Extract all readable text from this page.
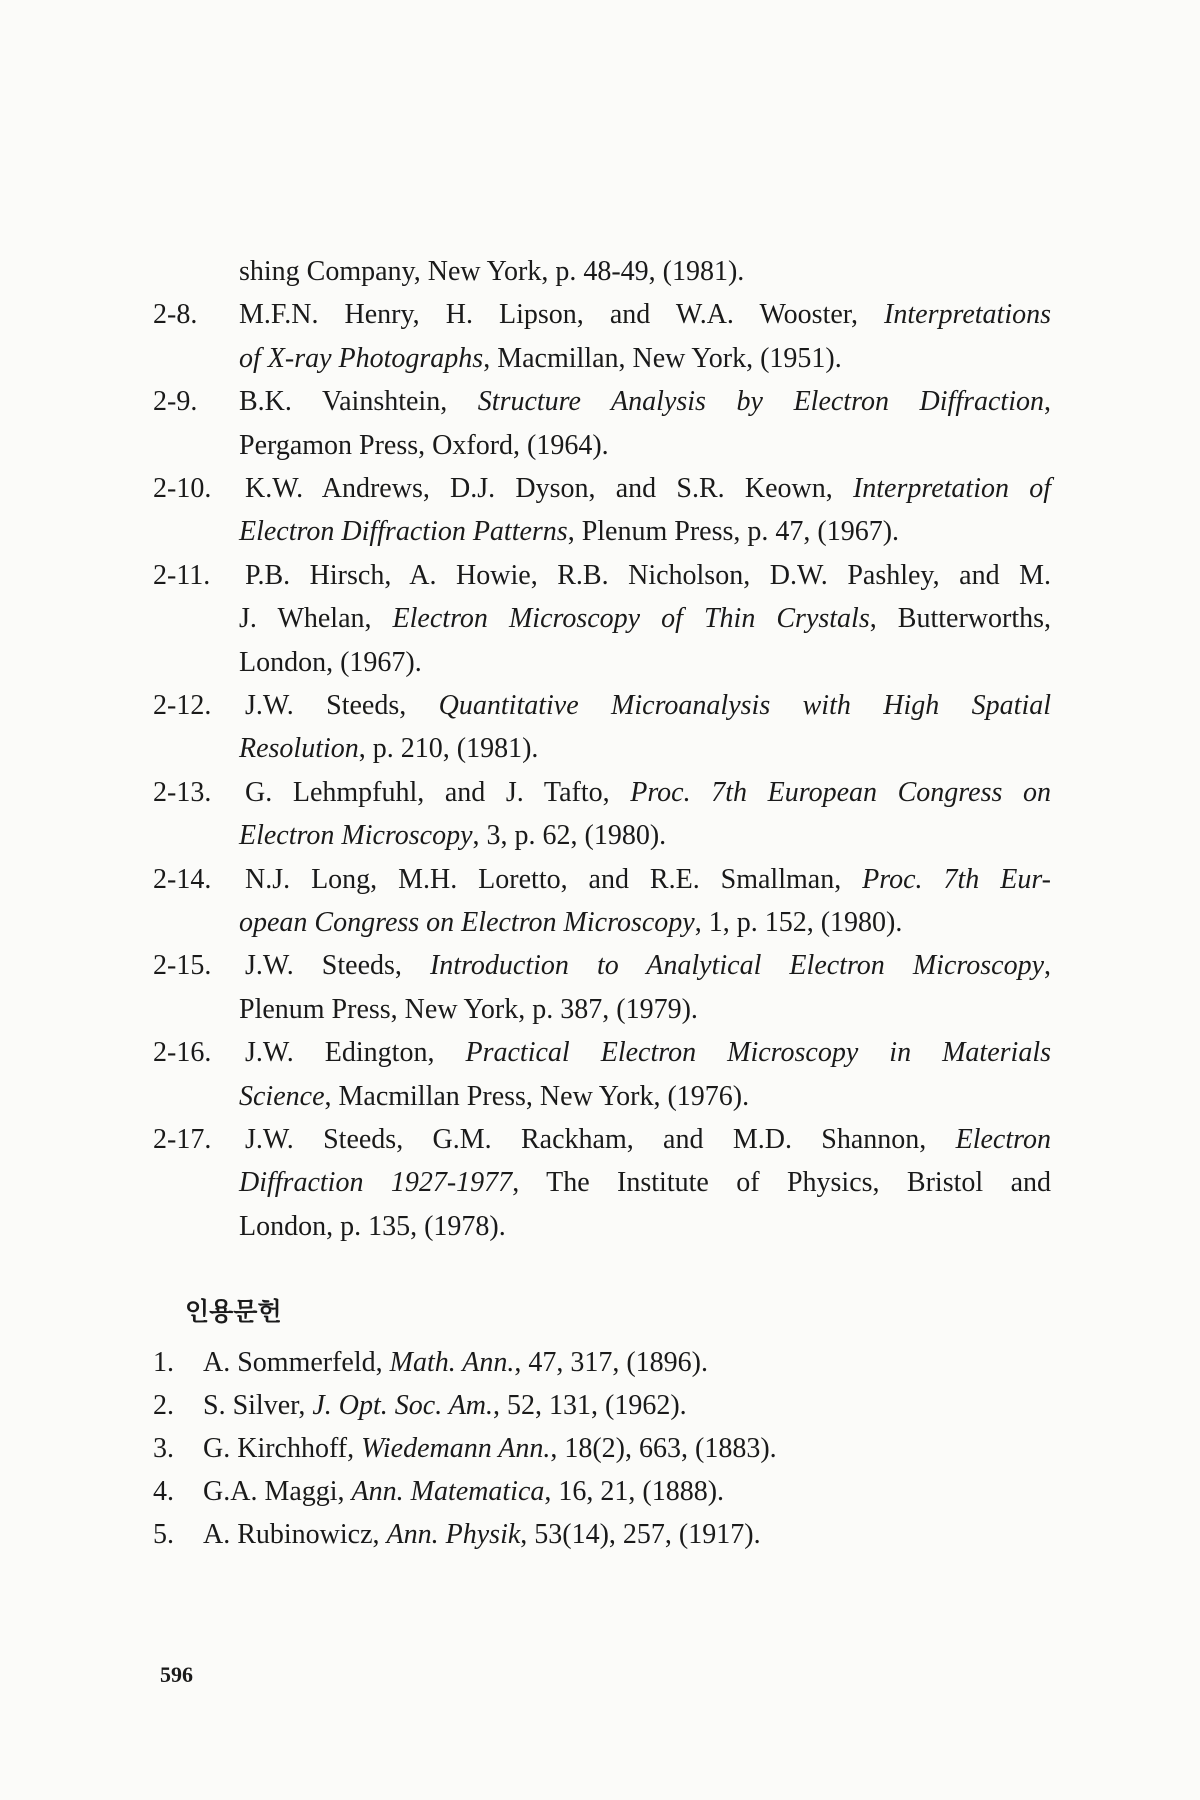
shing Company, New York, p. 48-49, (1981).
2-8. M.F.N. Henry, H. Lipson, and W.A. Wooster, Interpretations
of X-ray Photographs, Macmillan, New York, (1951).
2-9. B.K. Vainshtein, Structure Analysis by Electron Diffraction,
Pergamon Press, Oxford, (1964).
2-10. K.W. Andrews, D.J. Dyson, and S.R. Keown, Interpretation of
Electron Diffraction Patterns, Plenum Press, p. 47, (1967).
2-11. P.B. Hirsch, A. Howie, R.B. Nicholson, D.W. Pashley, and M.
J. Whelan, Electron Microscopy of Thin Crystals, Butterworths,
London, (1967).
2-12. J.W. Steeds, Quantitative Microanalysis with High Spatial
Resolution, p. 210, (1981).
2-13. G. Lehmpfuhl, and J. Tafto, Proc. 7th European Congress on
Electron Microscopy, 3, p. 62, (1980).
2-14. N.J. Long, M.H. Loretto, and R.E. Smallman, Proc. 7th Eur-
opean Congress on Electron Microscopy, 1, p. 152, (1980).
2-15. J.W. Steeds, Introduction to Analytical Electron Microscopy,
Plenum Press, New York, p. 387, (1979).
2-16. J.W. Edington, Practical Electron Microscopy in Materials
Science, Macmillan Press, New York, (1976).
2-17. J.W. Steeds, G.M. Rackham, and M.D. Shannon, Electron
Diffraction 1927-1977, The Institute of Physics, Bristol and
London, p. 135, (1978).
인용문헌
1. A. Sommerfeld, Math. Ann., 47, 317, (1896).
2. S. Silver, J. Opt. Soc. Am., 52, 131, (1962).
3. G. Kirchhoff, Wiedemann Ann., 18(2), 663, (1883).
4. G.A. Maggi, Ann. Matematica, 16, 21, (1888).
5. A. Rubinowicz, Ann. Physik, 53(14), 257, (1917).
596
